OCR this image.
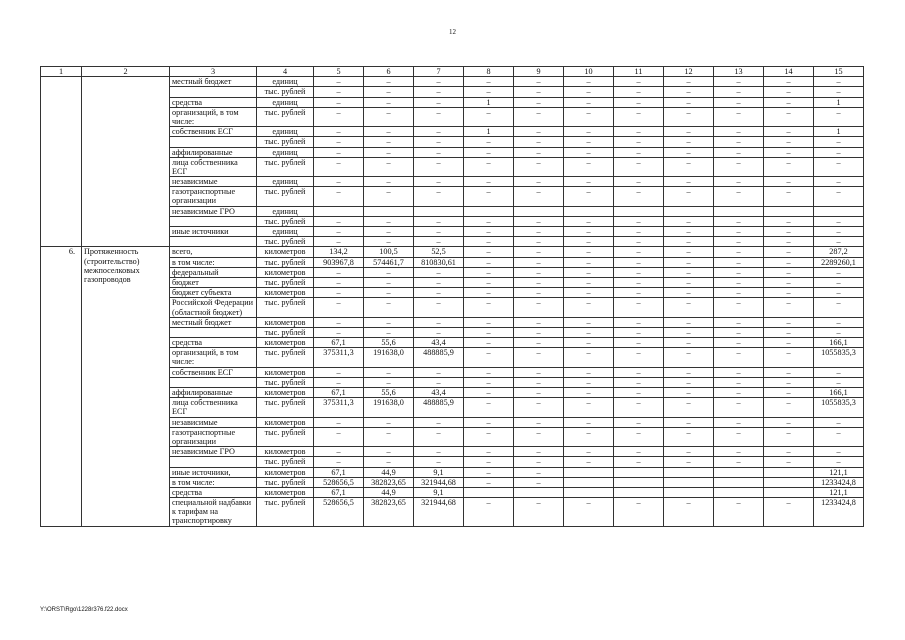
12
1	2	3	4	5	6	7	8	9	10	11	12	13	14	15
		местный бюджет	единиц	–	–	–	–	–	–	–	–	–	–	–
			тыс. рублей	–	–	–	–	–	–	–	–	–	–	–
		средства	единиц	–	–	–	1	–	–	–	–	–	–	1
		организаций, в том числе:	тыс. рублей	–	–	–	–	–	–	–	–	–	–	–
		собственник ЕСГ	единиц	–	–	–	1	–	–	–	–	–	–	1
			тыс. рублей	–	–	–	–	–	–	–	–	–	–	–
		аффилированные	единиц	–	–	–	–	–	–	–	–	–	–	–
		лица собственника ЕСГ	тыс. рублей	–	–	–	–	–	–	–	–	–	–	–
		независимые	единиц	–	–	–	–	–	–	–	–	–	–	–
		газотранспортные организации	тыс. рублей	–	–	–	–	–	–	–	–	–	–	–
		независимые ГРО	единиц											
			тыс. рублей	–	–	–	–	–	–	–	–	–	–	–
		иные источники	единиц	–	–	–	–	–	–	–	–	–	–	–
			тыс. рублей	–	–	–	–	–	–	–	–	–	–	–
6.	Протяженность (строительство) межпоселковых газопроводов	всего,	километров	134,2	100,5	52,5	–	–	–	–	–	–	–	287,2
		в том числе:	тыс. рублей	903967,8	574461,7	810830,61	–	–	–	–	–	–	–	2289260,1
		федеральный	километров	–	–	–	–	–	–	–	–	–	–	–
		бюджет	тыс. рублей	–	–	–	–	–	–	–	–	–	–	–
		бюджет субъекта	километров	–	–	–	–	–	–	–	–	–	–	–
		Российской Федерации (областной бюджет)	тыс. рублей	–	–	–	–	–	–	–	–	–	–	–
		местный бюджет	километров	–	–	–	–	–	–	–	–	–	–	–
			тыс. рублей	–	–	–	–	–	–	–	–	–	–	–
		средства	километров	67,1	55,6	43,4	–	–	–	–	–	–	–	166,1
		организаций, в том числе:	тыс. рублей	375311,3	191638,0	488885,9	–	–	–	–	–	–	–	1055835,3
		собственник ЕСГ	километров	–	–	–	–	–	–	–	–	–	–	–
			тыс. рублей	–	–	–	–	–	–	–	–	–	–	–
		аффилированные	километров	67,1	55,6	43,4	–	–	–	–	–	–	–	166,1
		лица собственника ЕСГ	тыс. рублей	375311,3	191638,0	488885,9	–	–	–	–	–	–	–	1055835,3
		независимые	километров	–	–	–	–	–	–	–	–	–	–	–
		газотранспортные организации	тыс. рублей	–	–	–	–	–	–	–	–	–	–	–
		независимые ГРО	километров	–	–	–	–	–	–	–	–	–	–	–
			тыс. рублей	–	–	–	–	–	–	–	–	–	–	–
		иные источники,	километров	67,1	44,9	9,1	–	–						121,1
		в том числе:	тыс. рублей	528656,5	382823,65	321944,68	–	–						1233424,8
		средства	километров	67,1	44,9	9,1								121,1
		специальной надбавки к тарифам на транспортировку	тыс. рублей	528656,5	382823,65	321944,68	–	–	–	–	–	–	–	1233424,8
Y:\ORST\Rgo\1228r376.f22.docx
